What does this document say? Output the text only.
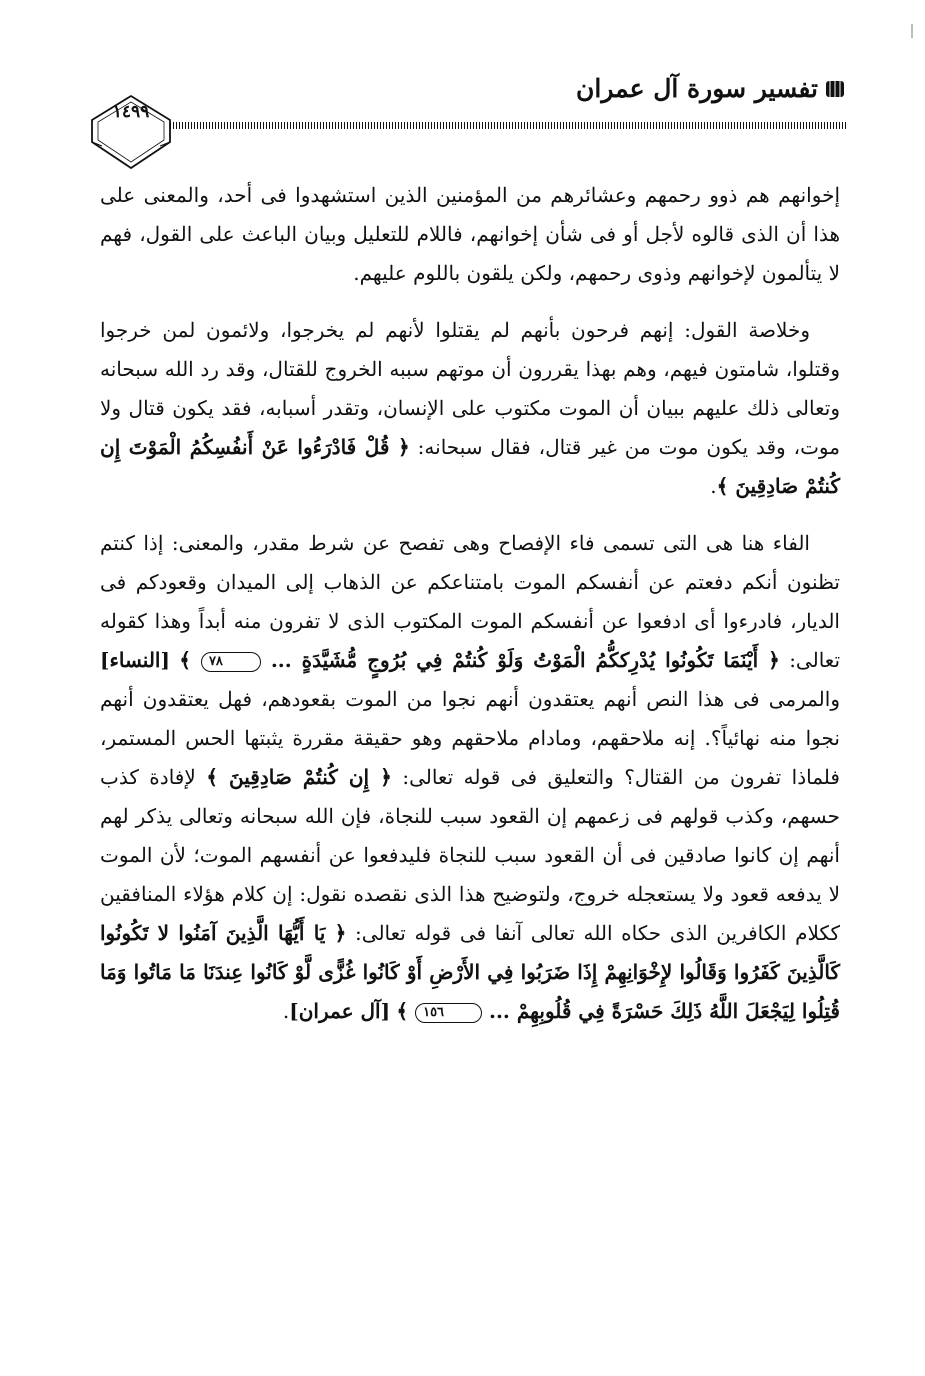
تفسير سورة آل عمران
١٤٩٩

إخوانهم هم ذوو رحمهم وعشائرهم من المؤمنين الذين استشهدوا فى أحد، والمعنى على هذا أن الذى قالوه لأجل أو فى شأن إخوانهم، فاللام للتعليل وبيان الباعث على القول، فهم لا يتألمون لإخوانهم وذوى رحمهم، ولكن يلقون باللوم عليهم.

وخلاصة القول: إنهم فرحون بأنهم لم يقتلوا لأنهم لم يخرجوا، ولائمون لمن خرجوا وقتلوا، شامتون فيهم، وهم بهذا يقررون أن موتهم سببه الخروج للقتال، وقد رد الله سبحانه وتعالى ذلك عليهم ببيان أن الموت مكتوب على الإنسان، وتقدر أسبابه، فقد يكون قتال ولا موت، وقد يكون موت من غير قتال، فقال سبحانه: ﴿ قُلْ فَادْرَءُوا عَنْ أَنفُسِكُمُ الْمَوْتَ إِن كُنتُمْ صَادِقِينَ ﴾.

الفاء هنا هى التى تسمى فاء الإفصاح وهى تفصح عن شرط مقدر، والمعنى: إذا كنتم تظنون أنكم دفعتم عن أنفسكم الموت بامتناعكم عن الذهاب إلى الميدان وقعودكم فى الديار، فادرءوا أى ادفعوا عن أنفسكم الموت المكتوب الذى لا تفرون منه أبداً وهذا كقوله تعالى: ﴿ أَيْنَمَا تَكُونُوا يُدْرِككُّمُ الْمَوْتُ وَلَوْ كُنتُمْ فِي بُرُوجٍ مُّشَيَّدَةٍ ... ٧٨ ﴾ [النساء] والمرمى فى هذا النص أنهم يعتقدون أنهم نجوا من الموت بقعودهم، فهل يعتقدون أنهم نجوا منه نهائياً؟. إنه ملاحقهم، ومادام ملاحقهم وهو حقيقة مقررة يثبتها الحس المستمر، فلماذا تفرون من القتال؟ والتعليق فى قوله تعالى: ﴿ إِن كُنتُمْ صَادِقِينَ ﴾ لإفادة كذب حسهم، وكذب قولهم فى زعمهم إن القعود سبب للنجاة، فإن الله سبحانه وتعالى يذكر لهم أنهم إن كانوا صادقين فى أن القعود سبب للنجاة فليدفعوا عن أنفسهم الموت؛ لأن الموت لا يدفعه قعود ولا يستعجله خروج، ولتوضيح هذا الذى نقصده نقول: إن كلام هؤلاء المنافقين ككلام الكافرين الذى حكاه الله تعالى آنفا فى قوله تعالى: ﴿ يَا أَيُّهَا الَّذِينَ آمَنُوا لا تَكُونُوا كَالَّذِينَ كَفَرُوا وَقَالُوا لإِخْوَانِهِمْ إِذَا ضَرَبُوا فِي الأَرْضِ أَوْ كَانُوا غُزًّى لَّوْ كَانُوا عِندَنَا مَا مَاتُوا وَمَا قُتِلُوا لِيَجْعَلَ اللَّهُ ذَلِكَ حَسْرَةً فِي قُلُوبِهِمْ ... ١٥٦ ﴾ [آل عمران].
